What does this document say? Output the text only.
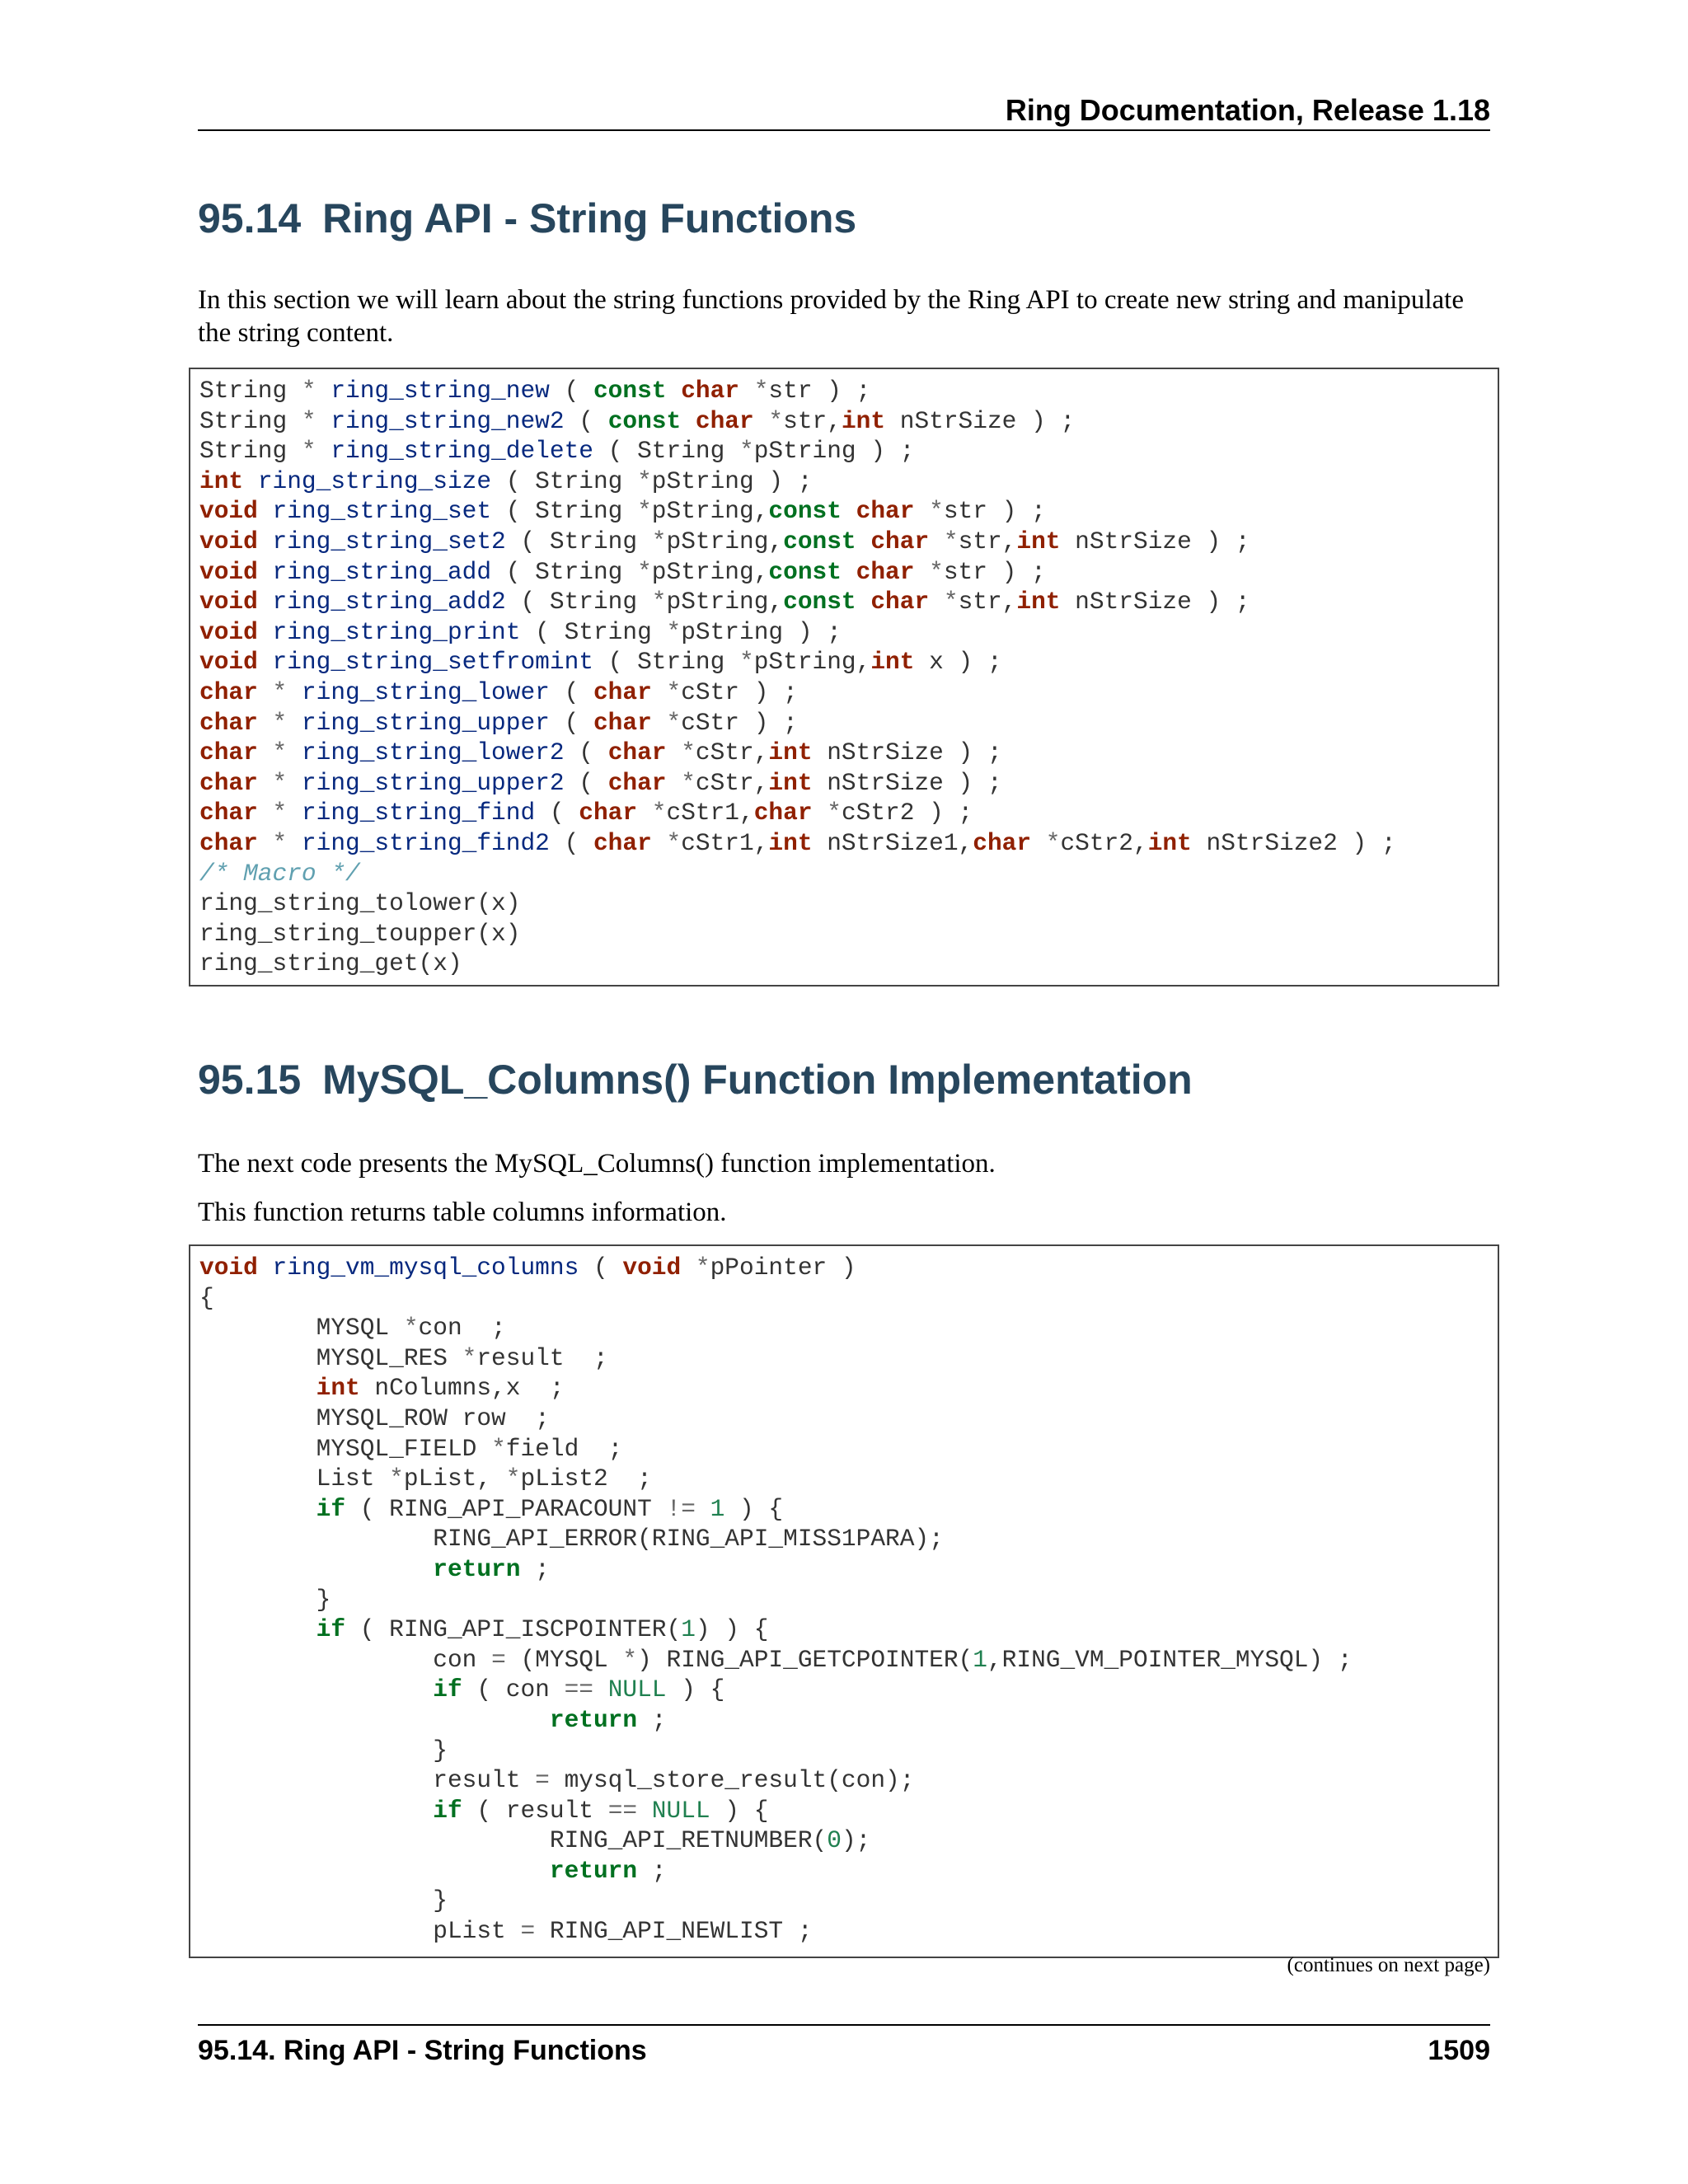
Ring Documentation, Release 1.18
95.14 Ring API - String Functions

In this section we will learn about the string functions provided by the Ring API to create new string and manipulate the string content.

String * ring_string_new ( const char *str ) ;
String * ring_string_new2 ( const char *str,int nStrSize ) ;
String * ring_string_delete ( String *pString ) ;
int ring_string_size ( String *pString ) ;
void ring_string_set ( String *pString,const char *str ) ;
void ring_string_set2 ( String *pString,const char *str,int nStrSize ) ;
void ring_string_add ( String *pString,const char *str ) ;
void ring_string_add2 ( String *pString,const char *str,int nStrSize ) ;
void ring_string_print ( String *pString ) ;
void ring_string_setfromint ( String *pString,int x ) ;
char * ring_string_lower ( char *cStr ) ;
char * ring_string_upper ( char *cStr ) ;
char * ring_string_lower2 ( char *cStr,int nStrSize ) ;
char * ring_string_upper2 ( char *cStr,int nStrSize ) ;
char * ring_string_find ( char *cStr1,char *cStr2 ) ;
char * ring_string_find2 ( char *cStr1,int nStrSize1,char *cStr2,int nStrSize2 ) ;
/* Macro */
ring_string_tolower(x)
ring_string_toupper(x)
ring_string_get(x)
95.15 MySQL_Columns() Function Implementation

The next code presents the MySQL_Columns() function implementation.

This function returns table columns information.

void ring_vm_mysql_columns ( void *pPointer )
{
MYSQL *con  ;
MYSQL_RES *result  ;
int nColumns,x  ;
MYSQL_ROW row  ;
MYSQL_FIELD *field  ;
List *pList, *pList2  ;
if ( RING_API_PARACOUNT != 1 ) {
RING_API_ERROR(RING_API_MISS1PARA);
return ;
}
if ( RING_API_ISCPOINTER(1) ) {
con = (MYSQL *) RING_API_GETCPOINTER(1,RING_VM_POINTER_MYSQL) ;
if ( con == NULL ) {
return ;
}
result = mysql_store_result(con);
if ( result == NULL ) {
RING_API_RETNUMBER(0);
return ;
}
pList = RING_API_NEWLIST ;
(continues on next page)
95.14. Ring API - String Functions	1509
